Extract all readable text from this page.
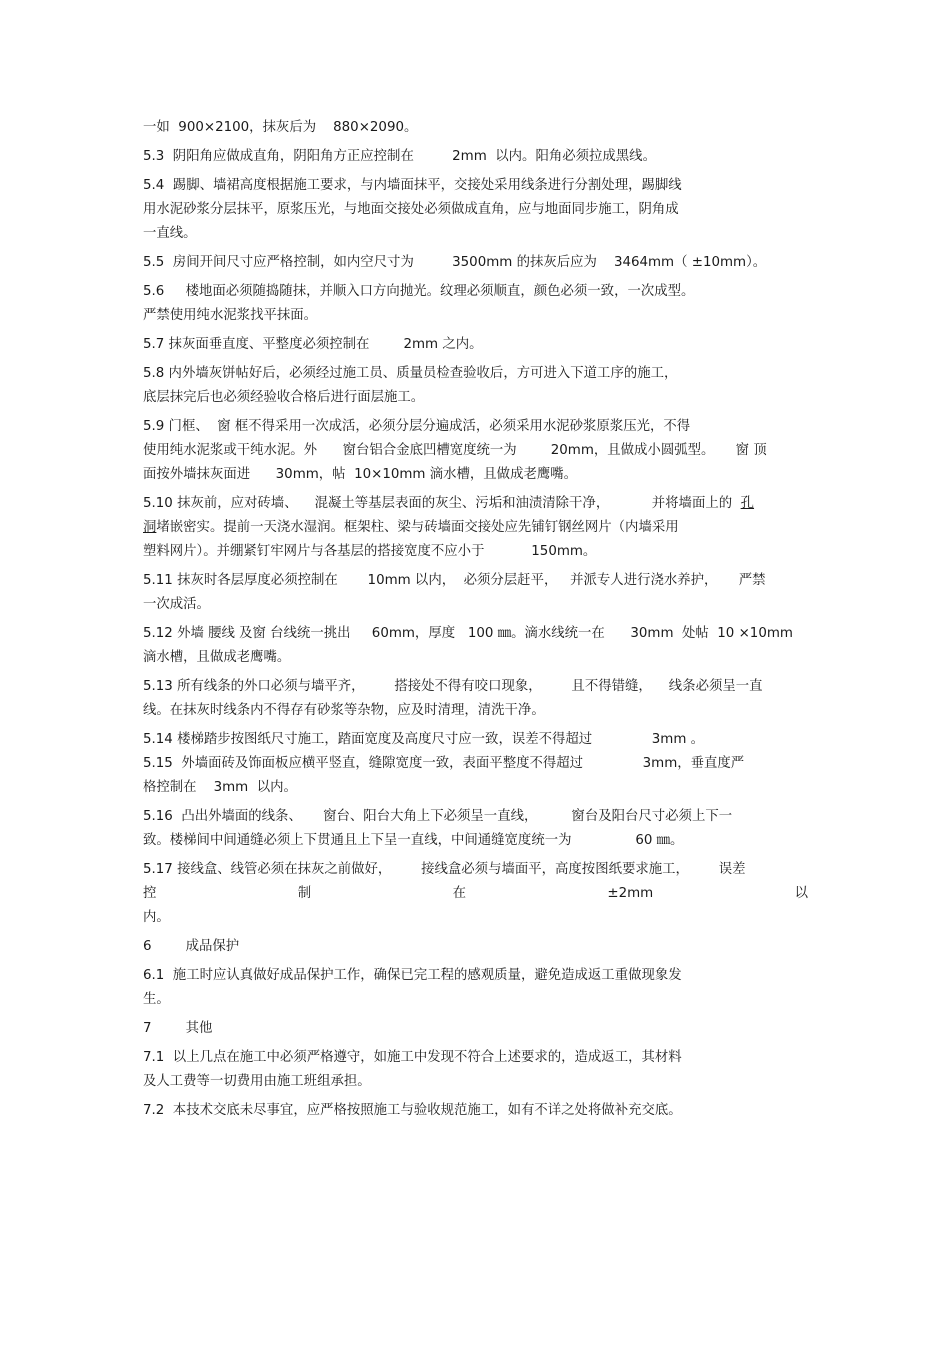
一如  900×2100，抹灰后为    880×2090。
5.3  阴阳角应做成直角，阴阳角方正应控制在         2mm  以内。阳角必须拉成黑线。
5.4  踢脚、墙裙高度根据施工要求，与内墙面抹平，交接处采用线条进行分割处理，踢脚线
用水泥砂浆分层抹平，原浆压光，与地面交接处必须做成直角，应与地面同步施工，阴角成
一直线。
5.5  房间开间尺寸应严格控制，如内空尺寸为         3500mm 的抹灰后应为    3464mm（ ±10mm）。
5.6     楼地面必须随捣随抹，并顺入口方向抛光。纹理必须顺直，颜色必须一致，一次成型。
严禁使用纯水泥浆找平抹面。
5.7 抹灰面垂直度、平整度必须控制在        2mm 之内。
5.8 内外墙灰饼帖好后，必须经过施工员、质量员检查验收后，方可进入下道工序的施工，
底层抹完后也必须经验收合格后进行面层施工。
5.9 门框、  窗 框不得采用一次成活，必须分层分遍成活，必须采用水泥砂浆原浆压光，不得
使用纯水泥浆或干纯水泥。外      窗台铝合金底凹槽宽度统一为        20mm，且做成小圆弧型。     窗 顶
面按外墙抹灰面进      30mm，帖  10×10mm 滴水槽，且做成老鹰嘴。
5.10 抹灰前，应对砖墙、    混凝土等基层表面的灰尘、污垢和油渍清除干净，          并将墙面上的  孔
洞堵嵌密实。提前一天浇水湿润。框架柱、梁与砖墙面交接处应先铺钉钢丝网片（内墙采用
塑料网片）。并绷紧钉牢网片与各基层的搭接宽度不应小于           150mm。
5.11 抹灰时各层厚度必须控制在       10mm 以内，  必须分层赶平，   并派专人进行浇水养护，     严禁
一次成活。
5.12 外墙 腰线 及窗 台线统一挑出     60mm，厚度   100 ㎜。滴水线统一在      30mm  处帖  10 ×10mm
滴水槽，且做成老鹰嘴。
5.13 所有线条的外口必须与墙平齐，       搭接处不得有咬口现象，       且不得错缝，    线条必须呈一直
线。在抹灰时线条内不得存有砂浆等杂物，应及时清理，清洗干净。
5.14 楼梯踏步按图纸尺寸施工，踏面宽度及高度尺寸应一致，误差不得超过              3mm 。
5.15  外墙面砖及饰面板应横平竖直，缝隙宽度一致，表面平整度不得超过              3mm，垂直度严
格控制在    3mm  以内。
5.16  凸出外墙面的线条、     窗台、阳台大角上下必须呈一直线，        窗台及阳台尺寸必须上下一
致。楼梯间中间通缝必须上下贯通且上下呈一直线，中间通缝宽度统一为               60 ㎜。
5.17 接线盒、线管必须在抹灰之前做好，       接线盒必须与墙面平，高度按图纸要求施工，       误差
控	制	在	±2mm	以
内。
6        成品保护
6.1  施工时应认真做好成品保护工作，确保已完工程的感观质量，避免造成返工重做现象发
生。
7        其他
7.1  以上几点在施工中必须严格遵守，如施工中发现不符合上述要求的，造成返工，其材料
及人工费等一切费用由施工班组承担。
7.2  本技术交底未尽事宜，应严格按照施工与验收规范施工，如有不详之处将做补充交底。
